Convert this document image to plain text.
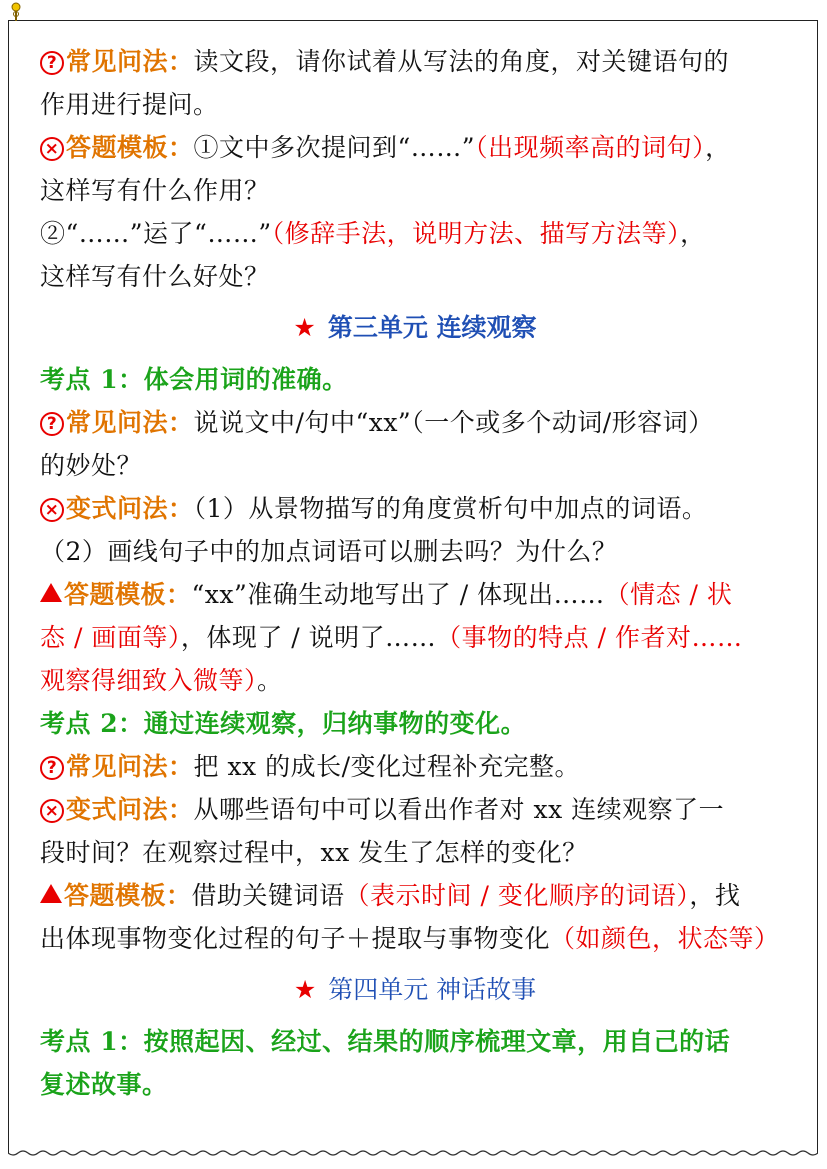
? 常见问法：读文段，请你试着从写法的角度，对关键语句的
作用进行提问。
× 答题模板：①文中多次提问到“……”（出现频率高的词句），
这样写有什么作用？
②“……”运了“……”（修辞手法，说明方法、描写方法等），
这样写有什么好处？
★ 第三单元 连续观察
考点 1：体会用词的准确。
? 常见问法：说说文中/句中“xx”（一个或多个动词/形容词）
的妙处？
× 变式问法：（1）从景物描写的角度赏析句中加点的词语。
（2）画线句子中的加点词语可以删去吗？为什么？
答题模板：“xx”准确生动地写出了 / 体现出……（情态 / 状
态 / 画面等），体现了 / 说明了……（事物的特点 / 作者对……
观察得细致入微等）。
考点 2：通过连续观察，归纳事物的变化。
? 常见问法：把 xx 的成长/变化过程补充完整。
× 变式问法：从哪些语句中可以看出作者对 xx 连续观察了一
段时间？在观察过程中，xx 发生了怎样的变化？
答题模板：借助关键词语（表示时间 / 变化顺序的词语），找
出体现事物变化过程的句子＋提取与事物变化（如颜色，状态等）
★ 第四单元 神话故事
考点 1：按照起因、经过、结果的顺序梳理文章，用自己的话
复述故事。
